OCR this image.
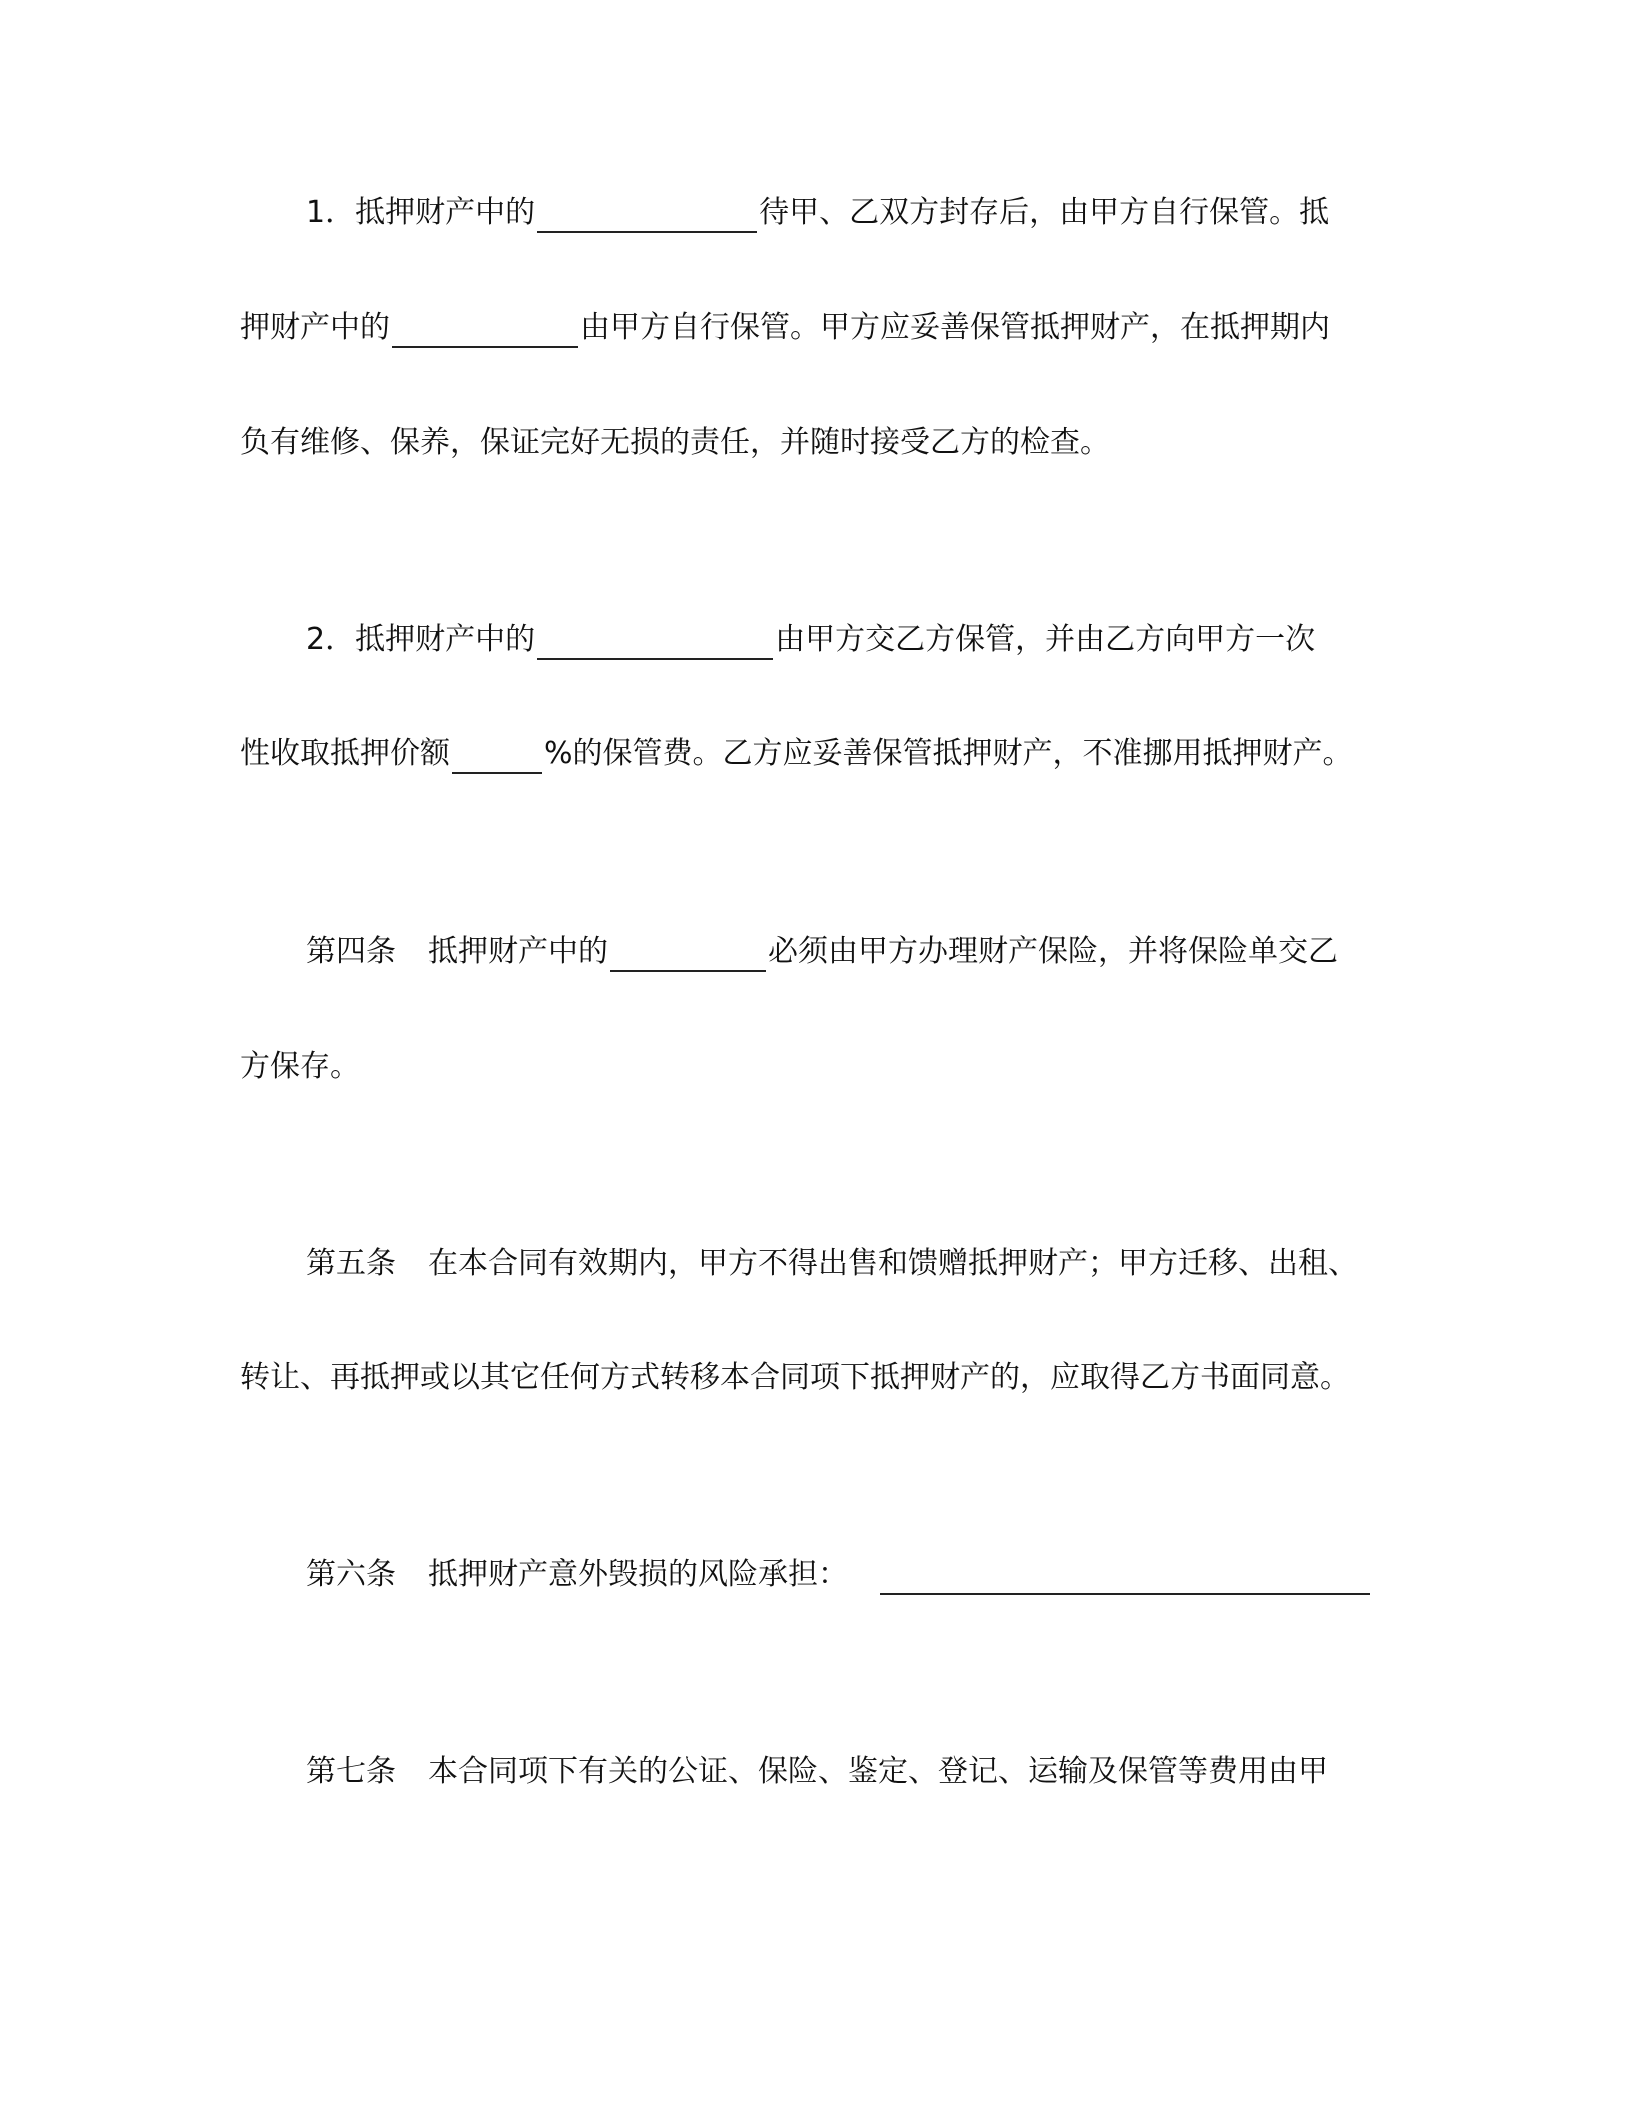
1．抵押财产中的	待甲、乙双方封存后，由甲方自行保管。抵
押财产中的	由甲方自行保管。甲方应妥善保管抵押财产，在抵押期内
负有维修、保养，保证完好无损的责任，并随时接受乙方的检查。
2．抵押财产中的	由甲方交乙方保管，并由乙方向甲方一次
性收取抵押价额	%的保管费。乙方应妥善保管抵押财产，不准挪用抵押财产。
第四条 抵押财产中的	必须由甲方办理财产保险，并将保险单交乙
方保存。
第五条 在本合同有效期内，甲方不得出售和馈赠抵押财产；甲方迁移、出租、
转让、再抵押或以其它任何方式转移本合同项下抵押财产的，应取得乙方书面同意。
第六条 抵押财产意外毁损的风险承担：
第七条 本合同项下有关的公证、保险、鉴定、登记、运输及保管等费用由甲
